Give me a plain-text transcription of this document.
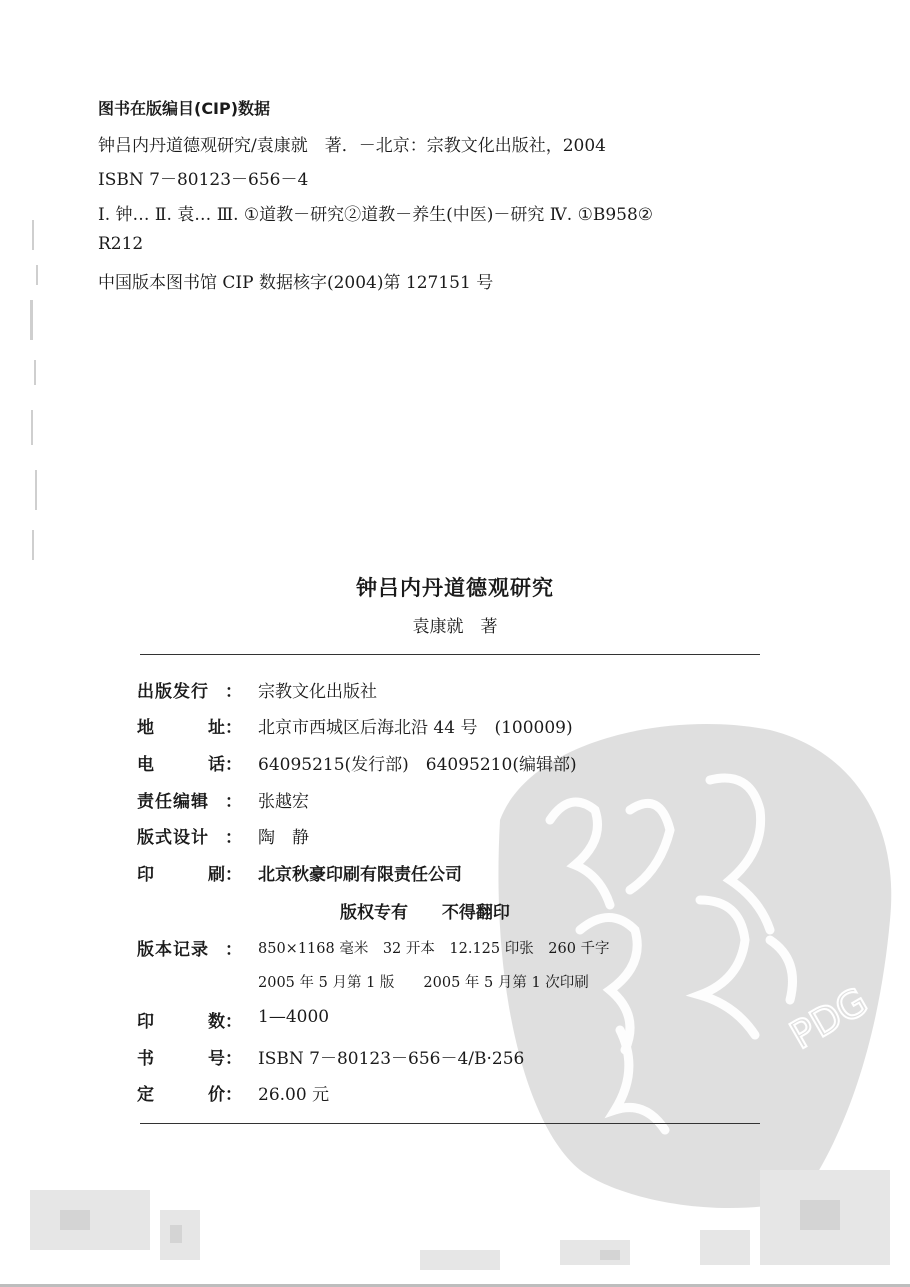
图书在版编目(CIP)数据
钟吕内丹道德观研究/袁康就　著．－北京：宗教文化出版社，2004
ISBN 7－80123－656－4
Ⅰ. 钟… Ⅱ. 袁… Ⅲ. ①道教－研究②道教－养生(中医)－研究 Ⅳ. ①B958②
R212
中国版本图书馆 CIP 数据核字(2004)第 127151 号
PDG
钟吕内丹道德观研究
袁康就　著
出版发行 ： 宗教文化出版社
地	址： 北京市西城区后海北沿 44 号　(100009)
电	话： 64095215(发行部)　64095210(编辑部)
责任编辑 ： 张越宏
版式设计 ： 陶　静
印	刷： 北京秋豪印刷有限责任公司
版权专有 不得翻印
版本记录 ： 850×1168 毫米　32 开本　12.125 印张　260 千字
2005 年 5 月第 1 版　　2005 年 5 月第 1 次印刷
印	数： 1—4000
书	号： ISBN 7－80123－656－4/B·256
定	价： 26.00 元
